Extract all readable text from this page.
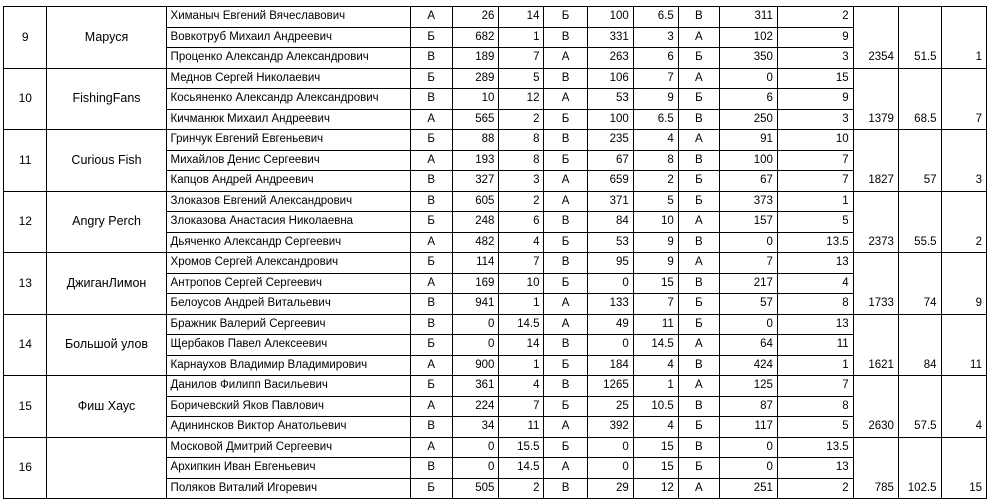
9	Маруся	Химаныч Евгений Вячеславович	А	26	14	Б	100	6.5	В	311	2			
		Вовкотруб Михаил Андреевич	Б	682	1	В	331	3	А	102	9			
		Проценко Александр Александрович	В	189	7	А	263	6	Б	350	3	2354	51.5	1
10	FishingFans	Меднов Сергей Николаевич	Б	289	5	В	106	7	А	0	15			
		Косьяненко Александр Александрович	В	10	12	А	53	9	Б	6	9			
		Кичманюк Михаил Андреевич	А	565	2	Б	100	6.5	В	250	3	1379	68.5	7
11	Curious Fish	Гринчук Евгений Евгеньевич	Б	88	8	В	235	4	А	91	10			
		Михайлов Денис Сергеевич	А	193	8	Б	67	8	В	100	7			
		Капцов Андрей Андреевич	В	327	3	А	659	2	Б	67	7	1827	57	3
12	Angry Perch	Злоказов Евгений Александрович	В	605	2	А	371	5	Б	373	1			
		Злоказова Анастасия Николаевна	Б	248	6	В	84	10	А	157	5			
		Дьяченко Александр Сергеевич	А	482	4	Б	53	9	В	0	13.5	2373	55.5	2
13	ДжиганЛимон	Хромов Сергей Александрович	Б	114	7	В	95	9	А	7	13			
		Антропов Сергей Сергеевич	А	169	10	Б	0	15	В	217	4			
		Белоусов Андрей Витальевич	В	941	1	А	133	7	Б	57	8	1733	74	9
14	Большой улов	Бражник Валерий Сергеевич	В	0	14.5	А	49	11	Б	0	13			
		Щербаков Павел Алексеевич	Б	0	14	В	0	14.5	А	64	11			
		Карнаухов Владимир Владимирович	А	900	1	Б	184	4	В	424	1	1621	84	11
15	Фиш Хаус	Данилов Филипп Васильевич	Б	361	4	В	1265	1	А	125	7			
		Боричевский Яков Павлович	А	224	7	Б	25	10.5	В	87	8			
		Адининсков Виктор Анатольевич	В	34	11	А	392	4	Б	117	5	2630	57.5	4
16		Московой Дмитрий Сергеевич	А	0	15.5	Б	0	15	В	0	13.5			
		Архипкин Иван Евгеньевич	В	0	14.5	А	0	15	Б	0	13			
		Поляков Виталий Игоревич	Б	505	2	В	29	12	А	251	2	785	102.5	15
